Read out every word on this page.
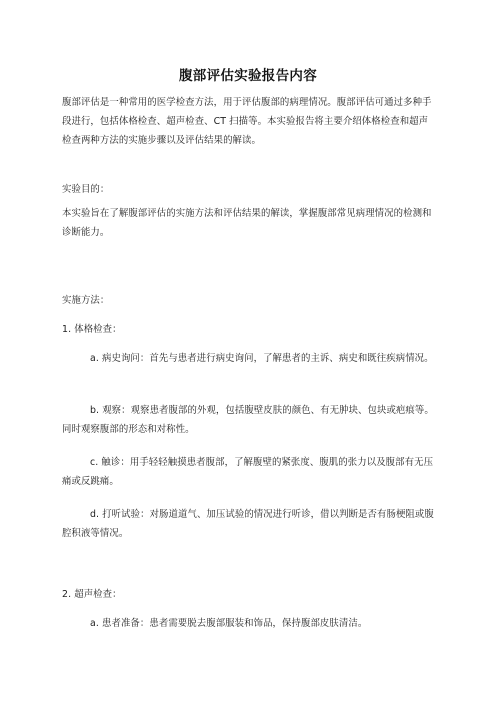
腹部评估实验报告内容
腹部评估是一种常用的医学检查方法，用于评估腹部的病理情况。腹部评估可通过多种手段进行，包括体格检查、超声检查、CT 扫描等。本实验报告将主要介绍体格检查和超声检查两种方法的实施步骤以及评估结果的解读。
实验目的：
本实验旨在了解腹部评估的实施方法和评估结果的解读，掌握腹部常见病理情况的检测和诊断能力。
实施方法：
1. 体格检查：
a. 病史询问：首先与患者进行病史询问，了解患者的主诉、病史和既往疾病情况。
b. 观察：观察患者腹部的外观，包括腹壁皮肤的颜色、有无肿块、包块或疤痕等。同时观察腹部的形态和对称性。
c. 触诊：用手轻轻触摸患者腹部，了解腹壁的紧张度、腹肌的张力以及腹部有无压痛或反跳痛。
d. 打听试验：对肠道道气、加压试验的情况进行听诊，借以判断是否有肠梗阻或腹腔积液等情况。
2. 超声检查：
a. 患者准备：患者需要脱去腹部服装和饰品，保持腹部皮肤清洁。
